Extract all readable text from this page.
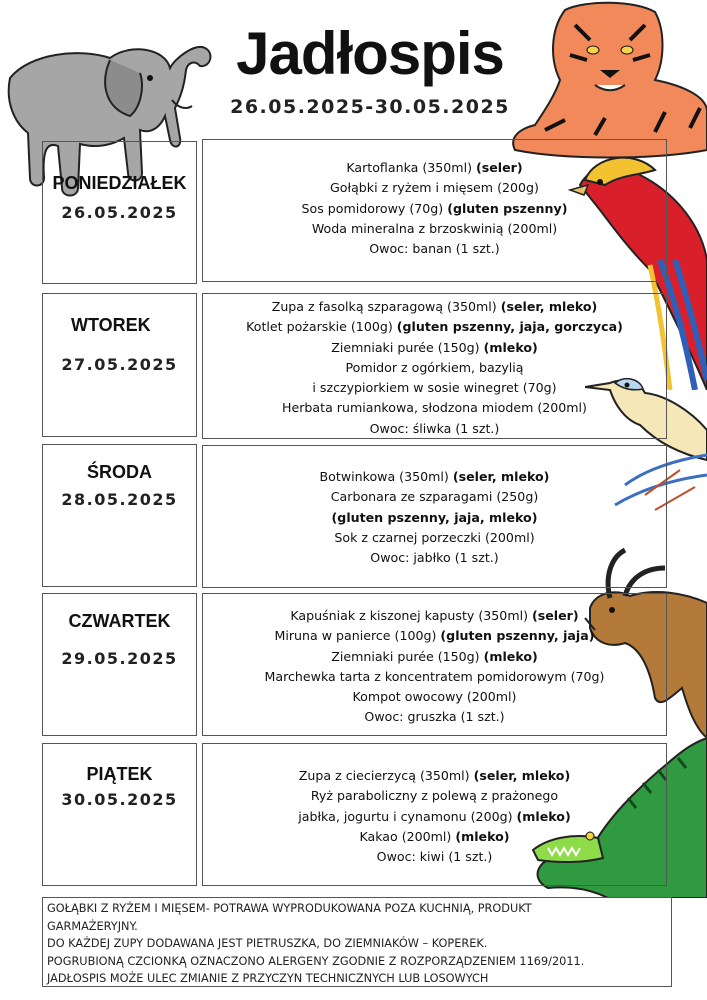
Jadłospis
26.05.2025-30.05.2025
PONIEDZIAŁEK
26.05.2025
Kartoflanka (350ml) (seler)
Gołąbki z ryżem i mięsem (200g)
Sos pomidorowy (70g) (gluten pszenny)
Woda mineralna z brzoskwinią (200ml)
Owoc: banan (1 szt.)
WTOREK
27.05.2025
Zupa z fasolką szparagową (350ml) (seler, mleko)
Kotlet pożarskie (100g) (gluten pszenny, jaja, gorczyca)
Ziemniaki purée (150g) (mleko)
Pomidor z ogórkiem, bazylią
i szczypiorkiem w sosie winegret (70g)
Herbata rumiankowa, słodzona miodem (200ml)
Owoc: śliwka (1 szt.)
ŚRODA
28.05.2025
Botwinkowa (350ml) (seler, mleko)
Carbonara ze szparagami (250g)
(gluten pszenny, jaja, mleko)
Sok z czarnej porzeczki (200ml)
Owoc: jabłko (1 szt.)
CZWARTEK
29.05.2025
Kapuśniak z kiszonej kapusty (350ml) (seler)
Miruna w panierce (100g) (gluten pszenny, jaja)
Ziemniaki purée (150g) (mleko)
Marchewka tarta z koncentratem pomidorowym (70g)
Kompot owocowy (200ml)
Owoc: gruszka (1 szt.)
PIĄTEK
30.05.2025
Zupa z ciecierzycą (350ml) (seler, mleko)
Ryż paraboliczny z polewą z prażonego
jabłka, jogurtu i cynamonu (200g) (mleko)
Kakao (200ml) (mleko)
Owoc: kiwi (1 szt.)
GOŁĄBKI Z RYŻEM I MIĘSEM- POTRAWA WYPRODUKOWANA POZA KUCHNIĄ, PRODUKT
GARMAŻERYJNY.
DO KAŻDEJ ZUPY DODAWANA JEST PIETRUSZKA, DO ZIEMNIAKÓW – KOPEREK.
POGRUBIONĄ CZCIONKĄ OZNACZONO ALERGENY ZGODNIE Z ROZPORZĄDZENIEM 1169/2011.
JADŁOSPIS MOŻE ULEC ZMIANIE Z PRZYCZYN TECHNICZNYCH LUB LOSOWYCH
